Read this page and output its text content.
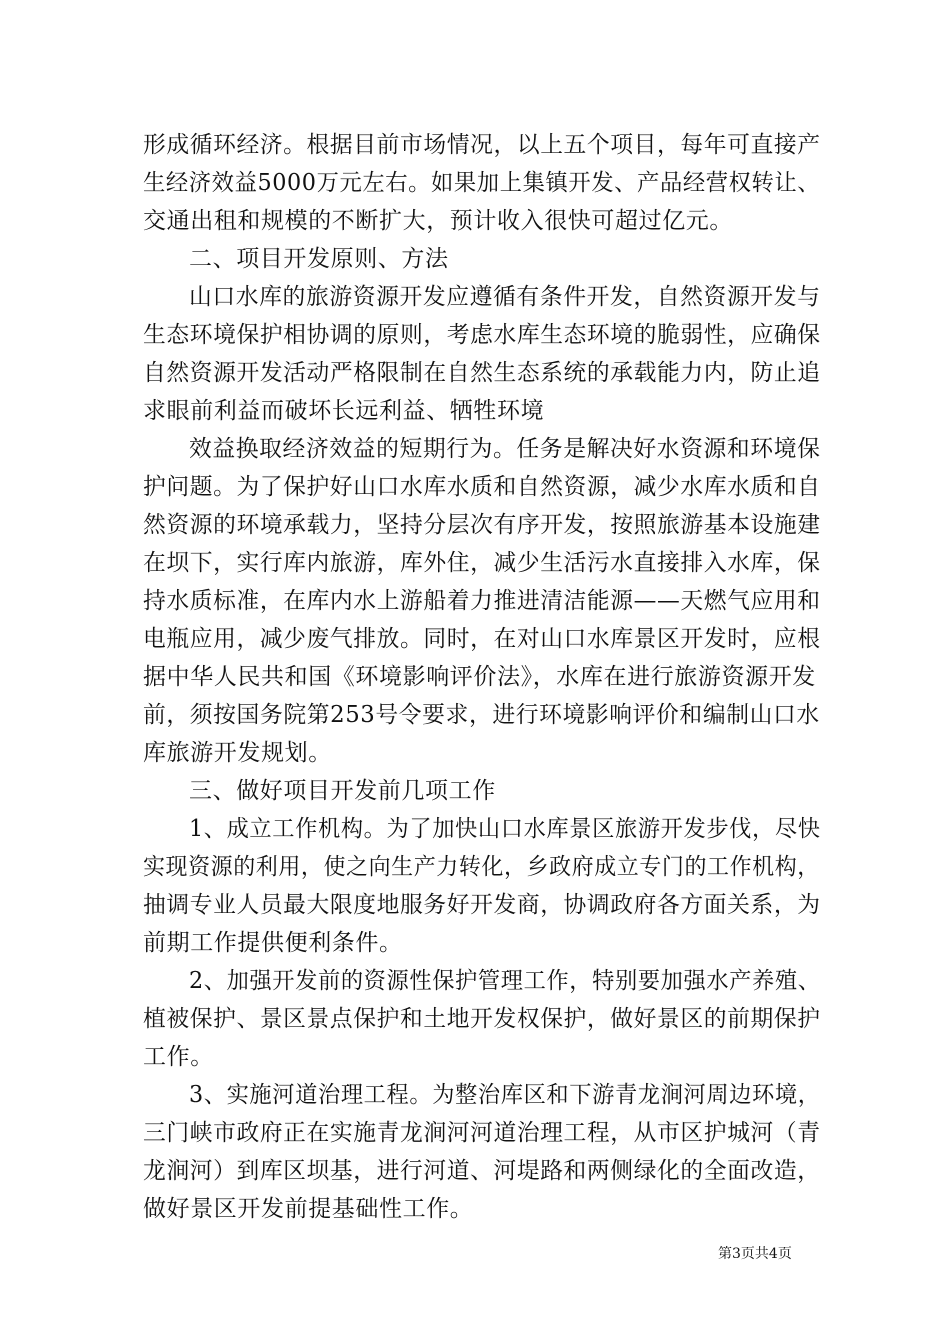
形成循环经济。根据目前市场情况，以上五个项目，每年可直接产
生经济效益5000万元左右。如果加上集镇开发、产品经营权转让、
交通出租和规模的不断扩大，预计收入很快可超过亿元。
二、项目开发原则、方法
山口水库的旅游资源开发应遵循有条件开发，自然资源开发与
生态环境保护相协调的原则，考虑水库生态环境的脆弱性，应确保
自然资源开发活动严格限制在自然生态系统的承载能力内，防止追
求眼前利益而破坏长远利益、牺牲环境
效益换取经济效益的短期行为。任务是解决好水资源和环境保
护问题。为了保护好山口水库水质和自然资源，减少水库水质和自
然资源的环境承载力，坚持分层次有序开发，按照旅游基本设施建
在坝下，实行库内旅游，库外住，减少生活污水直接排入水库，保
持水质标准，在库内水上游船着力推进清洁能源——天燃气应用和
电瓶应用，减少废气排放。同时，在对山口水库景区开发时，应根
据中华人民共和国《环境影响评价法》，水库在进行旅游资源开发
前，须按国务院第253号令要求，进行环境影响评价和编制山口水
库旅游开发规划。
三、做好项目开发前几项工作
1、成立工作机构。为了加快山口水库景区旅游开发步伐，尽快
实现资源的利用，使之向生产力转化，乡政府成立专门的工作机构，
抽调专业人员最大限度地服务好开发商，协调政府各方面关系，为
前期工作提供便利条件。
2、加强开发前的资源性保护管理工作，特别要加强水产养殖、
植被保护、景区景点保护和土地开发权保护，做好景区的前期保护
工作。
3、实施河道治理工程。为整治库区和下游青龙涧河周边环境，
三门峡市政府正在实施青龙涧河河道治理工程，从市区护城河（青
龙涧河）到库区坝基，进行河道、河堤路和两侧绿化的全面改造，
做好景区开发前提基础性工作。
第3页共4页
